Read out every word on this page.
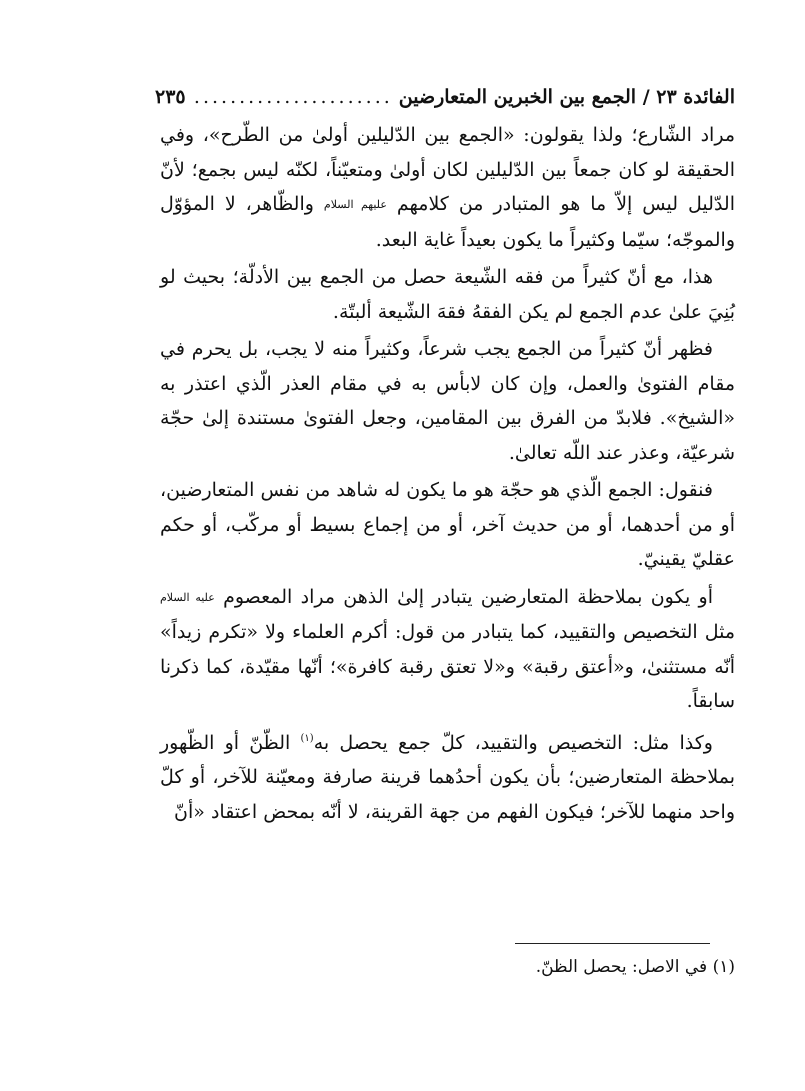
الفائدة ٢٣ / الجمع بين الخبرين المتعارضين
......................
٢٣٥

مراد الشّارع؛ ولذا يقولون: «الجمع بين الدّليلين أولىٰ من الطّرح»، وفي الحقيقة لو كان جمعاً بين الدّليلين لكان أولىٰ ومتعيّناً، لكنّه ليس بجمع؛ لأنّ الدّليل ليس إلاّ ما هو المتبادر من كلامهم عليهم السلام والظّاهر، لا المؤوّل والموجّه؛ سيّما وكثيراً ما يكون بعيداً غاية البعد.

هذا، مع أنّ كثيراً من فقه الشّيعة حصل من الجمع بين الأدلّة؛ بحيث لو بُنِيَ علىٰ عدم الجمع لم يكن الفقهُ فقهَ الشّيعة ألبتّة.

فظهر أنّ كثيراً من الجمع يجب شرعاً، وكثيراً منه لا يجب، بل يحرم في مقام الفتوىٰ والعمل، وإن كان لابأس به في مقام العذر الّذي اعتذر به «الشيخ». فلابدّ من الفرق بين المقامين، وجعل الفتوىٰ مستندة إلىٰ حجّة شرعيّة، وعذر عند اللّه تعالىٰ.

فنقول: الجمع الّذي هو حجّة هو ما يكون له شاهد من نفس المتعارضين، أو من أحدهما، أو من حديث آخر، أو من إجماع بسيط أو مركّب، أو حكم عقليّ يقينيّ.

أو يكون بملاحظة المتعارضين يتبادر إلىٰ الذهن مراد المعصوم عليه السلام مثل التخصيص والتقييد، كما يتبادر من قول: أكرم العلماء ولا «تكرم زيداً» أنّه مستثنىٰ، و«أعتق رقبة» و«لا تعتق رقبة كافرة»؛ أنّها مقيّدة، كما ذكرنا سابقاً.

وكذا مثل: التخصيص والتقييد، كلّ جمع يحصل به$^{(١)}$ الظّنّ أو الظّهور بملاحظة المتعارضين؛ بأن يكون أحدُهما قرينة صارفة ومعيّنة للآخر، أو كلّ واحد منهما للآخر؛ فيكون الفهم من جهة القرينة، لا أنّه بمحض اعتقاد «أنّ

(١) في الاصل: يحصل الظنّ.
